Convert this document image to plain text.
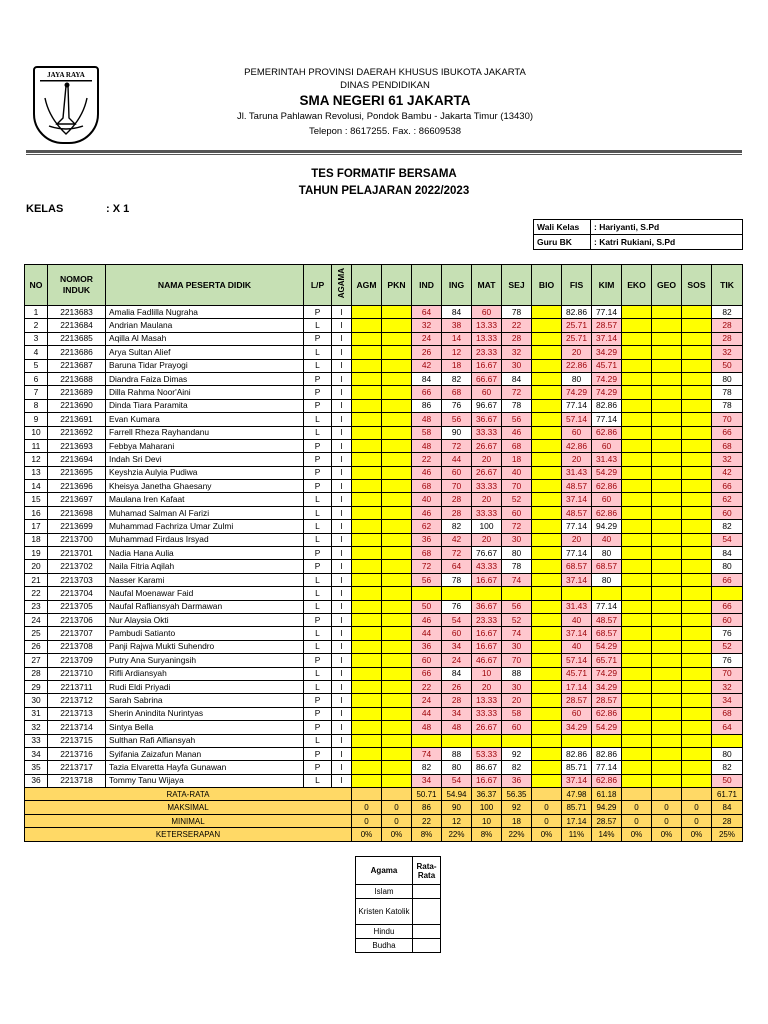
JAYA RAYA	PEMERINTAH PROVINSI DAERAH KHUSUS IBUKOTA JAKARTA
DINAS PENDIDIKAN
SMA NEGERI 61 JAKARTA
Jl. Taruna Pahlawan Revolusi, Pondok Bambu - Jakarta Timur (13430)
Telepon : 8617255. Fax. : 86609538
TES FORMATIF BERSAMA
TAHUN PELAJARAN 2022/2023
KELAS	: X 1
Wali Kelas	: Hariyanti, S.Pd
Guru BK	: Katri Rukiani, S.Pd
NO	NOMOR INDUK	NAMA PESERTA DIDIK	L/P	AGAMA	AGM	PKN	IND	ING	MAT	SEJ	BIO	FIS	KIM	EKO	GEO	SOS	TIK
1	2213683	Amalia Fadlilla Nugraha	P	I			64	84	60	78		82.86	77.14				82
2	2213684	Andrian Maulana	L	I			32	38	13.33	22		25.71	28.57				28
3	2213685	Aqilla Al Masah	P	I			24	14	13.33	28		25.71	37.14				28
4	2213686	Arya Sultan Alief	L	I			26	12	23.33	32		20	34.29				32
5	2213687	Baruna Tidar Prayogi	L	I			42	18	16.67	30		22.86	45.71				50
6	2213688	Diandra Faiza Dimas	P	I			84	82	66.67	84		80	74.29				80
7	2213689	Dilla Rahma Noor'Aini	P	I			66	68	60	72		74.29	74.29				78
8	2213690	Dinda Tiara Paramita	P	I			86	76	96.67	78		77.14	82.86				78
9	2213691	Evan Kumara	L	I			48	56	36.67	56		57.14	77.14				70
10	2213692	Farrell Rheza Rayhandanu	L	I			58	90	33.33	46		60	62.86				66
11	2213693	Febbya Maharani	P	I			48	72	26.67	68		42.86	60				68
12	2213694	Indah Sri Devi	P	I			22	44	20	18		20	31.43				32
13	2213695	Keyshzia Aulyia Pudiwa	P	I			46	60	26.67	40		31.43	54.29				42
14	2213696	Kheisya Janetha Ghaesany	P	I			68	70	33.33	70		48.57	62.86				66
15	2213697	Maulana Iren Kafaat	L	I			40	28	20	52		37.14	60				62
16	2213698	Muhamad Salman Al Farizi	L	I			46	28	33.33	60		48.57	62.86				60
17	2213699	Muhammad Fachriza Umar Zulmi	L	I			62	82	100	72		77.14	94.29				82
18	2213700	Muhammad Firdaus Irsyad	L	I			36	42	20	30		20	40				54
19	2213701	Nadia Hana Aulia	P	I			68	72	76.67	80		77.14	80				84
20	2213702	Naila Fitria Aqilah	P	I			72	64	43.33	78		68.57	68.57				80
21	2213703	Nasser Karami	L	I			56	78	16.67	74		37.14	80				66
22	2213704	Naufal Moenawar Faid	L	I													
23	2213705	Naufal Rafliansyah Darmawan	L	I			50	76	36.67	56		31.43	77.14				66
24	2213706	Nur Alaysia Okti	P	I			46	54	23.33	52		40	48.57				60
25	2213707	Pambudi Satianto	L	I			44	60	16.67	74		37.14	68.57				76
26	2213708	Panji Rajwa Mukti Suhendro	L	I			36	34	16.67	30		40	54.29				52
27	2213709	Putry Ana Suryaningsih	P	I			60	24	46.67	70		57.14	65.71				76
28	2213710	Rifli Ardiansyah	L	I			66	84	10	88		45.71	74.29				70
29	2213711	Rudi Eldi Priyadi	L	I			22	26	20	30		17.14	34.29				32
30	2213712	Sarah Sabrina	P	I			24	28	13.33	20		28.57	28.57				34
31	2213713	Sherin Anindita Nurintyas	P	I			44	34	33.33	58		60	62.86				68
32	2213714	Sintya Bella	P	I			48	48	26.67	60		34.29	54.29				64
33	2213715	Sulthan Rafi Alfiansyah	L	I													
34	2213716	Syifania Zaizafun Manan	P	I			74	88	53.33	92		82.86	82.86				80
35	2213717	Tazia Elvaretta Hayfa Gunawan	P	I			82	80	86.67	82		85.71	77.14				82
36	2213718	Tommy Tanu Wijaya	L	I			34	54	16.67	36		37.14	62.86				50
RATA-RATA							50.71	54.94	36.37	56.35		47.98	61.18				61.71
MAKSIMAL					0	0	86	90	100	92	0	85.71	94.29	0	0	0	84
MINIMAL					0	0	22	12	10	18	0	17.14	28.57	0	0	0	28
KETERSERAPAN					0%	0%	8%	22%	8%	22%	0%	11%	14%	0%	0%	0%	25%
Agama	Rata-Rata
Islam	
Kristen Katolik	
Hindu	
Budha	
